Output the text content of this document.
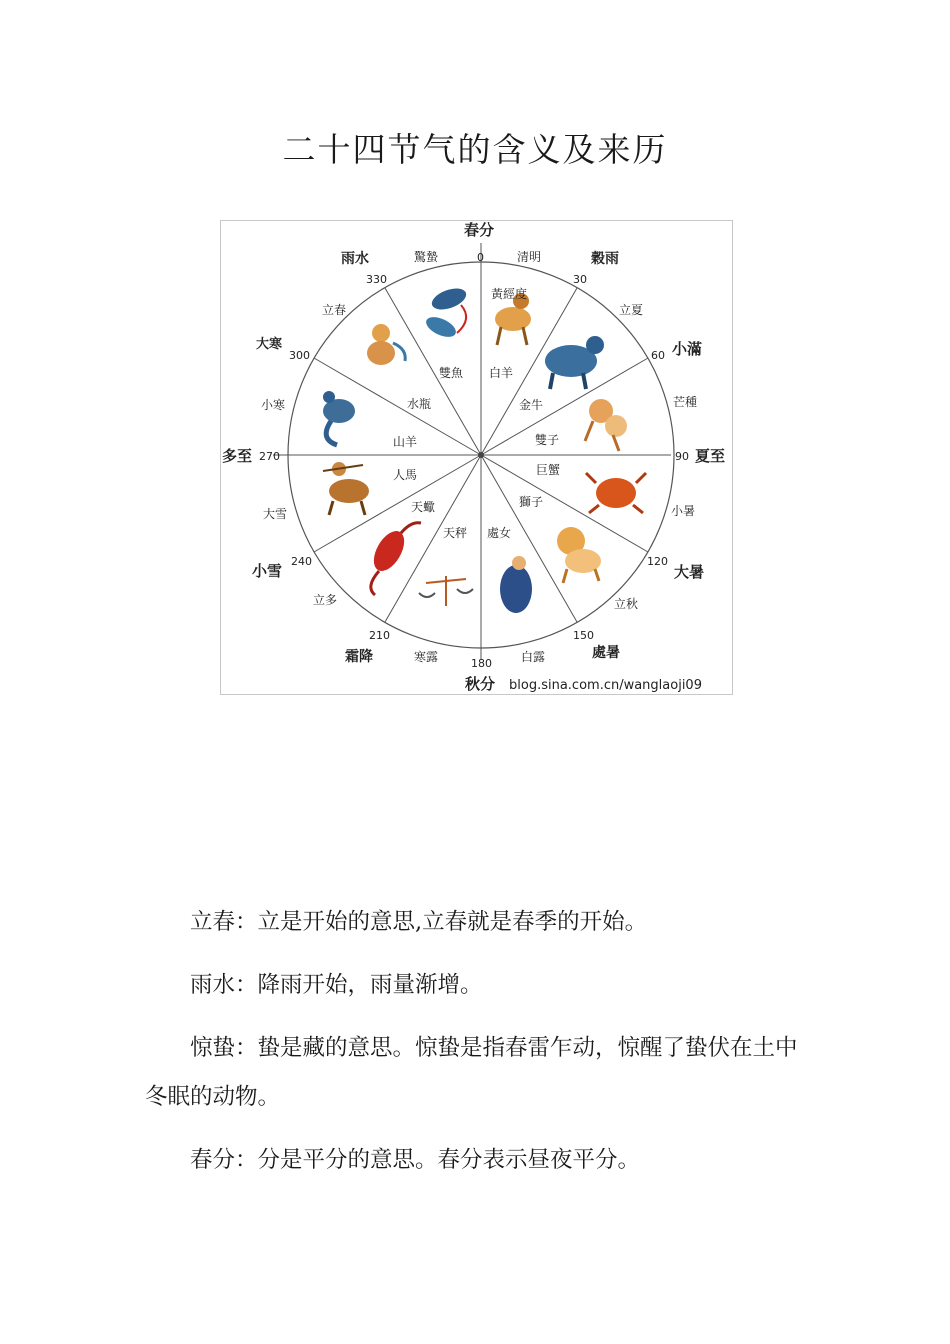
二十四节气的含义及来历
黃經度
白羊
金牛
雙子
巨蟹
獅子
處女
天秤
天蠍
人馬
山羊
水瓶
雙魚
0
30
60
90
120
150
180
210
240
270
300
330
春分
穀雨
小滿
夏至
大暑
處暑
秋分
霜降
小雪
多至
大寒
雨水	清明
立夏
芒種
小暑
立秋
白露
寒露
立多
大雪
小寒
立春
驚蟄
blog.sina.com.cn/wanglaoji09
立春：立是开始的意思,立春就是春季的开始。
雨水：降雨开始，雨量渐增。
惊蛰：蛰是藏的意思。惊蛰是指春雷乍动，惊醒了蛰伏在土中冬眠的动物。
春分：分是平分的意思。春分表示昼夜平分。
